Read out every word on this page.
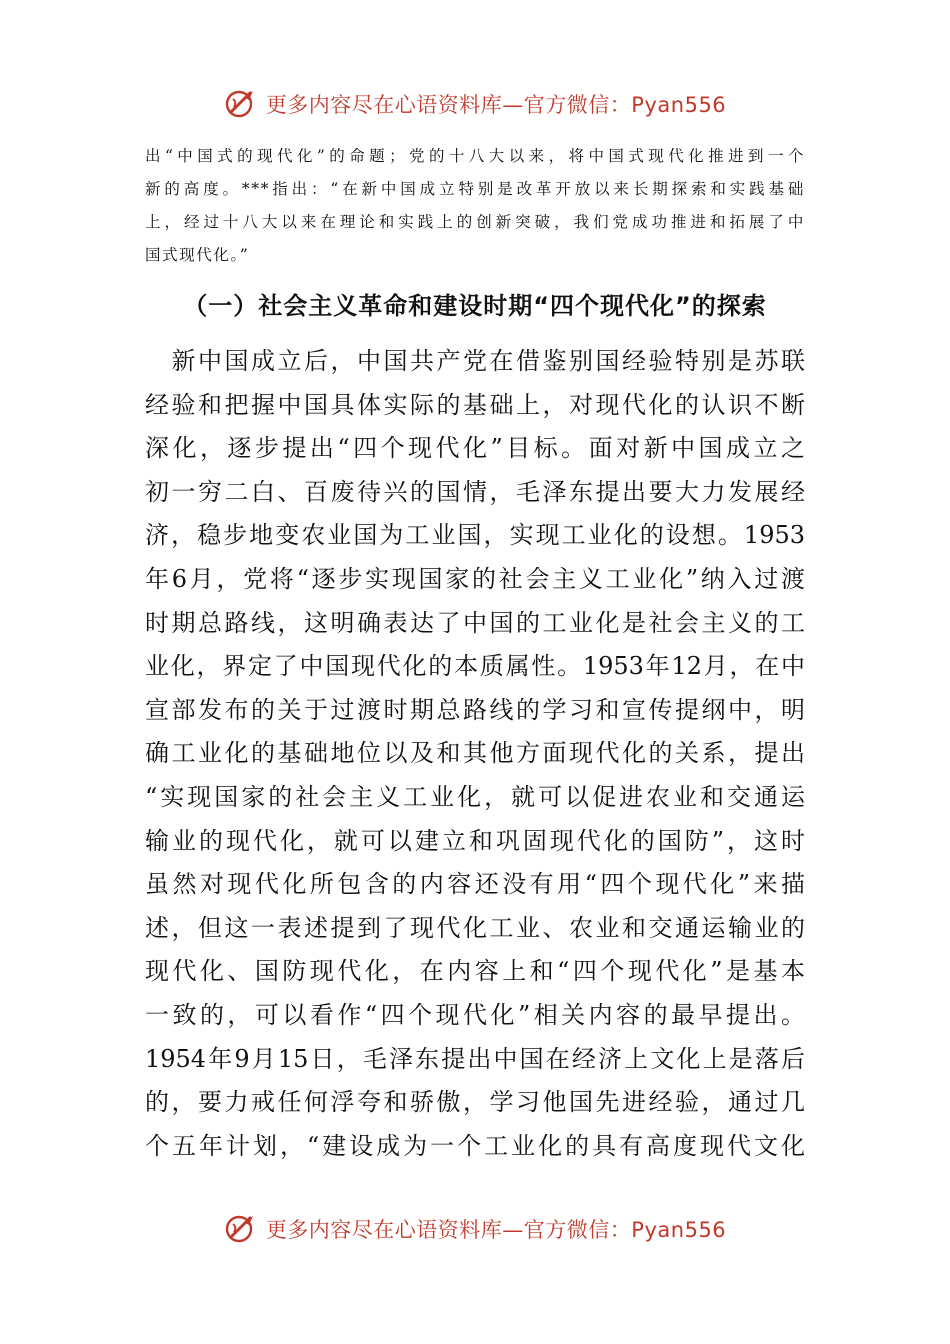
更多内容尽在心语资料库—官方微信：Pyan556
出“中国式的现代化”的命题；党的十八大以来，将中国式现代化推进到一个
新的高度。***指出：“在新中国成立特别是改革开放以来长期探索和实践基础
上，经过十八大以来在理论和实践上的创新突破，我们党成功推进和拓展了中
国式现代化。”
（一）社会主义革命和建设时期“四个现代化”的探索
　新中国成立后，中国共产党在借鉴别国经验特别是苏联
经验和把握中国具体实际的基础上，对现代化的认识不断
深化，逐步提出“四个现代化”目标。面对新中国成立之
初一穷二白、百废待兴的国情，毛泽东提出要大力发展经
济，稳步地变农业国为工业国，实现工业化的设想。1953
年6月，党将“逐步实现国家的社会主义工业化”纳入过渡
时期总路线，这明确表达了中国的工业化是社会主义的工
业化，界定了中国现代化的本质属性。1953年12月，在中
宣部发布的关于过渡时期总路线的学习和宣传提纲中，明
确工业化的基础地位以及和其他方面现代化的关系，提出
“实现国家的社会主义工业化，就可以促进农业和交通运
输业的现代化，就可以建立和巩固现代化的国防”，这时
虽然对现代化所包含的内容还没有用“四个现代化”来描
述，但这一表述提到了现代化工业、农业和交通运输业的
现代化、国防现代化，在内容上和“四个现代化”是基本
一致的，可以看作“四个现代化”相关内容的最早提出。
1954年9月15日，毛泽东提出中国在经济上文化上是落后
的，要力戒任何浮夸和骄傲，学习他国先进经验，通过几
个五年计划，“建设成为一个工业化的具有高度现代文化
更多内容尽在心语资料库—官方微信：Pyan556
